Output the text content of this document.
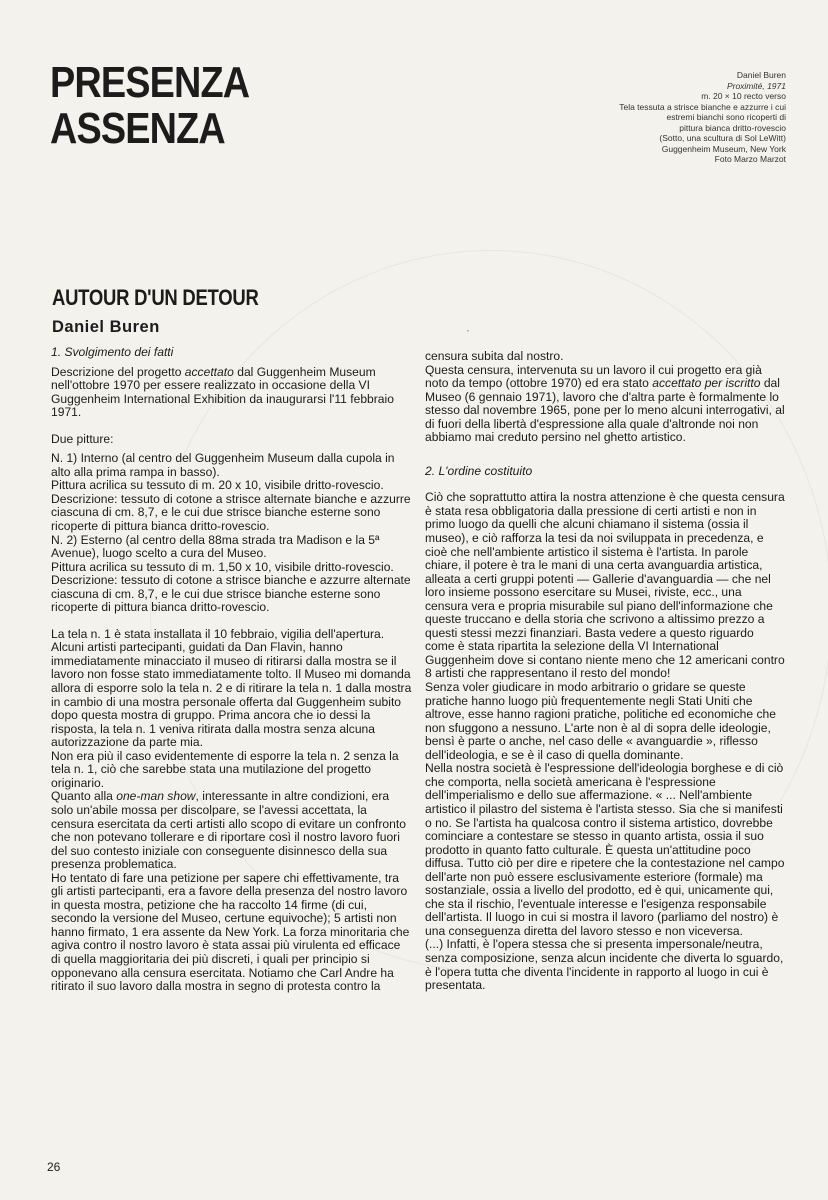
PRESENZA
ASSENZA
Daniel Buren
Proximité, 1971
m. 20 × 10 recto verso
Tela tessuta a strisce bianche e azzurre i cui
estremi bianchi sono ricoperti di
pittura bianca dritto-rovescio
(Sotto, una scultura di Sol LeWitt)
Guggenheim Museum, New York
Foto Marzo Marzot
AUTOUR D'UN DETOUR
Daniel Buren	’

1. Svolgimento dei fatti

Descrizione del progetto accettato dal Guggenheim Museum nell'ottobre 1970 per essere realizzato in occasione della VI Guggenheim International Exhibition da inaugurarsi l'11 febbraio 1971.

Due pitture:

N. 1) Interno (al centro del Guggenheim Museum dalla cupola in alto alla prima rampa in basso).

Pittura acrilica su tessuto di m. 20 x 10, visibile dritto-rovescio.

Descrizione: tessuto di cotone a strisce alternate bianche e azzurre ciascuna di cm. 8,7, e le cui due strisce bianche esterne sono ricoperte di pittura bianca dritto-rovescio.

N. 2) Esterno (al centro della 88ma strada tra Madison e la 5ª Avenue), luogo scelto a cura del Museo.

Pittura acrilica su tessuto di m. 1,50 x 10, visibile dritto-rovescio.

Descrizione: tessuto di cotone a strisce bianche e azzurre alternate ciascuna di cm. 8,7, e le cui due strisce bianche esterne sono ricoperte di pittura bianca dritto-rovescio.

La tela n. 1 è stata installata il 10 febbraio, vigilia dell'apertura. Alcuni artisti partecipanti, guidati da Dan Flavin, hanno immediatamente minacciato il museo di ritirarsi dalla mostra se il lavoro non fosse stato immediatamente tolto. Il Museo mi domanda allora di esporre solo la tela n. 2 e di ritirare la tela n. 1 dalla mostra in cambio di una mostra personale offerta dal Guggenheim subito dopo questa mostra di gruppo. Prima ancora che io dessi la risposta, la tela n. 1 veniva ritirata dalla mostra senza alcuna autorizzazione da parte mia.

Non era più il caso evidentemente di esporre la tela n. 2 senza la tela n. 1, ciò che sarebbe stata una mutilazione del progetto originario.

Quanto alla one-man show, interessante in altre condizioni, era solo un'abile mossa per discolpare, se l'avessi accettata, la censura esercitata da certi artisti allo scopo di evitare un confronto che non potevano tollerare e di riportare così il nostro lavoro fuori del suo contesto iniziale con conseguente disinnesco della sua presenza problematica.

Ho tentato di fare una petizione per sapere chi effettivamente, tra gli artisti partecipanti, era a favore della presenza del nostro lavoro in questa mostra, petizione che ha raccolto 14 firme (di cui, secondo la versione del Museo, certune equivoche); 5 artisti non hanno firmato, 1 era assente da New York. La forza minoritaria che agiva contro il nostro lavoro è stata assai più virulenta ed efficace di quella maggioritaria dei più discreti, i quali per principio si opponevano alla censura esercitata. Notiamo che Carl Andre ha ritirato il suo lavoro dalla mostra in segno di protesta contro la

censura subita dal nostro.

Questa censura, intervenuta su un lavoro il cui progetto era già noto da tempo (ottobre 1970) ed era stato accettato per iscritto dal Museo (6 gennaio 1971), lavoro che d'altra parte è formalmente lo stesso dal novembre 1965, pone per lo meno alcuni interrogativi, al di fuori della libertà d'espressione alla quale d'altronde noi non abbiamo mai creduto persino nel ghetto artistico.

2. L'ordine costituito

Ciò che soprattutto attira la nostra attenzione è che questa censura è stata resa obbligatoria dalla pressione di certi artisti e non in primo luogo da quelli che alcuni chiamano il sistema (ossia il museo), e ciò rafforza la tesi da noi sviluppata in precedenza, e cioè che nell'ambiente artistico il sistema è l'artista. In parole chiare, il potere è tra le mani di una certa avanguardia artistica, alleata a certi gruppi potenti — Gallerie d'avanguardia — che nel loro insieme possono esercitare su Musei, riviste, ecc., una censura vera e propria misurabile sul piano dell'informazione che queste truccano e della storia che scrivono a altissimo prezzo a questi stessi mezzi finanziari. Basta vedere a questo riguardo come è stata ripartita la selezione della VI International Guggenheim dove si contano niente meno che 12 americani contro 8 artisti che rappresentano il resto del mondo!

Senza voler giudicare in modo arbitrario o gridare se queste pratiche hanno luogo più frequentemente negli Stati Uniti che altrove, esse hanno ragioni pratiche, politiche ed economiche che non sfuggono a nessuno. L'arte non è al di sopra delle ideologie, bensì è parte o anche, nel caso delle « avanguardie », riflesso dell'ideologia, e se è il caso di quella dominante.

Nella nostra società è l'espressione dell'ideologia borghese e di ciò che comporta, nella società americana è l'espressione dell'imperialismo e dello sue affermazione. « ... Nell'ambiente artistico il pilastro del sistema è l'artista stesso. Sia che si manifesti o no. Se l'artista ha qualcosa contro il sistema artistico, dovrebbe cominciare a contestare se stesso in quanto artista, ossia il suo prodotto in quanto fatto culturale. È questa un'attitudine poco diffusa. Tutto ciò per dire e ripetere che la contestazione nel campo dell'arte non può essere esclusivamente esteriore (formale) ma sostanziale, ossia a livello del prodotto, ed è qui, unicamente qui, che sta il rischio, l'eventuale interesse e l'esigenza responsabile dell'artista. Il luogo in cui si mostra il lavoro (parliamo del nostro) è una conseguenza diretta del lavoro stesso e non viceversa.

(...) Infatti, è l'opera stessa che si presenta impersonale/neutra, senza composizione, senza alcun incidente che diverta lo sguardo, è l'opera tutta che diventa l'incidente in rapporto al luogo in cui è presentata.

26
